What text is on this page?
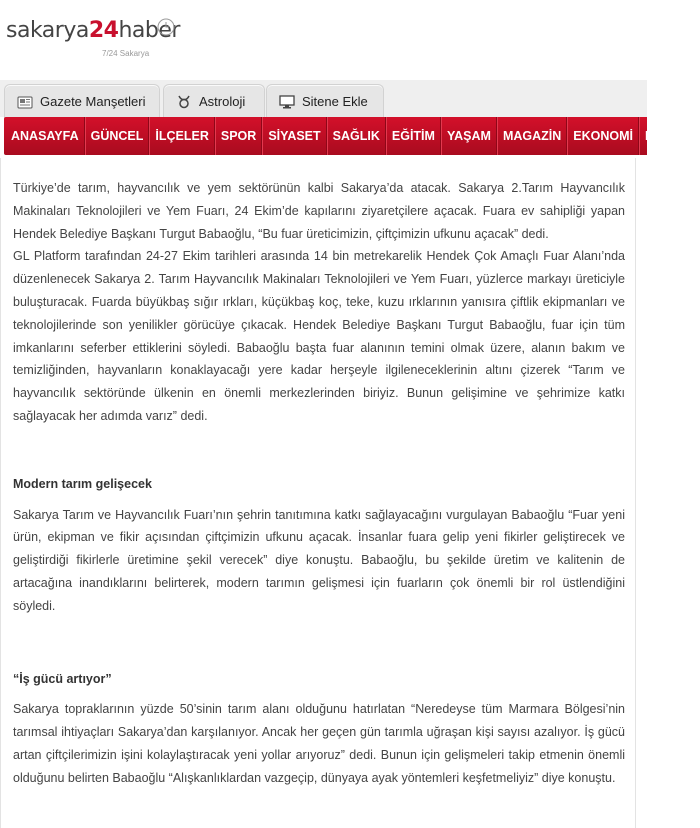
sakarya24haber
7/24 Sakarya
Gazete Manşetleri	Astroloji	Sitene Ekle
ANASAYFA GÜNCEL İLÇELER SPOR SİYASET SAĞLIK EĞİTİM YAŞAM MAGAZİN EKONOMİ KÜLTÜR

Türkiye’de tarım, hayvancılık ve yem sektörünün kalbi Sakarya’da atacak. Sakarya 2.Tarım Hayvancılık Makinaları Teknolojileri ve Yem Fuarı, 24 Ekim’de kapılarını ziyaretçilere açacak. Fuara ev sahipliği yapan Hendek Belediye Başkanı Turgut Babaoğlu, “Bu fuar üreticimizin, çiftçimizin ufkunu açacak” dedi.

GL Platform tarafından 24-27 Ekim tarihleri arasında 14 bin metrekarelik Hendek Çok Amaçlı Fuar Alanı’nda düzenlenecek Sakarya 2. Tarım Hayvancılık Makinaları Teknolojileri ve Yem Fuarı, yüzlerce markayı üreticiyle buluşturacak. Fuarda büyükbaş sığır ırkları, küçükbaş koç, teke, kuzu ırklarının yanısıra çiftlik ekipmanları ve teknolojilerinde son yenilikler görücüye çıkacak. Hendek Belediye Başkanı Turgut Babaoğlu, fuar için tüm imkanlarını seferber ettiklerini söyledi. Babaoğlu başta fuar alanının temini olmak üzere, alanın bakım ve temizliğinden, hayvanların konaklayacağı yere kadar herşeyle ilgileneceklerinin altını çizerek “Tarım ve hayvancılık sektöründe ülkenin en önemli merkezlerinden biriyiz. Bunun gelişimine ve şehrimize katkı sağlayacak her adımda varız” dedi.

Modern tarım gelişecek

Sakarya Tarım ve Hayvancılık Fuarı’nın şehrin tanıtımına katkı sağlayacağını vurgulayan Babaoğlu “Fuar yeni ürün, ekipman ve fikir açısından çiftçimizin ufkunu açacak. İnsanlar fuara gelip yeni fikirler geliştirecek ve geliştirdiği fikirlerle üretimine şekil verecek” diye konuştu. Babaoğlu, bu şekilde üretim ve kalitenin de artacağına inandıklarını belirterek, modern tarımın gelişmesi için fuarların çok önemli bir rol üstlendiğini söyledi.

“İş gücü artıyor”

Sakarya topraklarının yüzde 50’sinin tarım alanı olduğunu hatırlatan “Neredeyse tüm Marmara Bölgesi’nin tarımsal ihtiyaçları Sakarya’dan karşılanıyor. Ancak her geçen gün tarımla uğraşan kişi sayısı azalıyor. İş gücü artan çiftçilerimizin işini kolaylaştıracak yeni yollar arıyoruz” dedi. Bunun için gelişmeleri takip etmenin önemli olduğunu belirten Babaoğlu “Alışkanlıklardan vazgeçip, dünyaya ayak yöntemleri keşfetmeliyiz” diye konuştu.
